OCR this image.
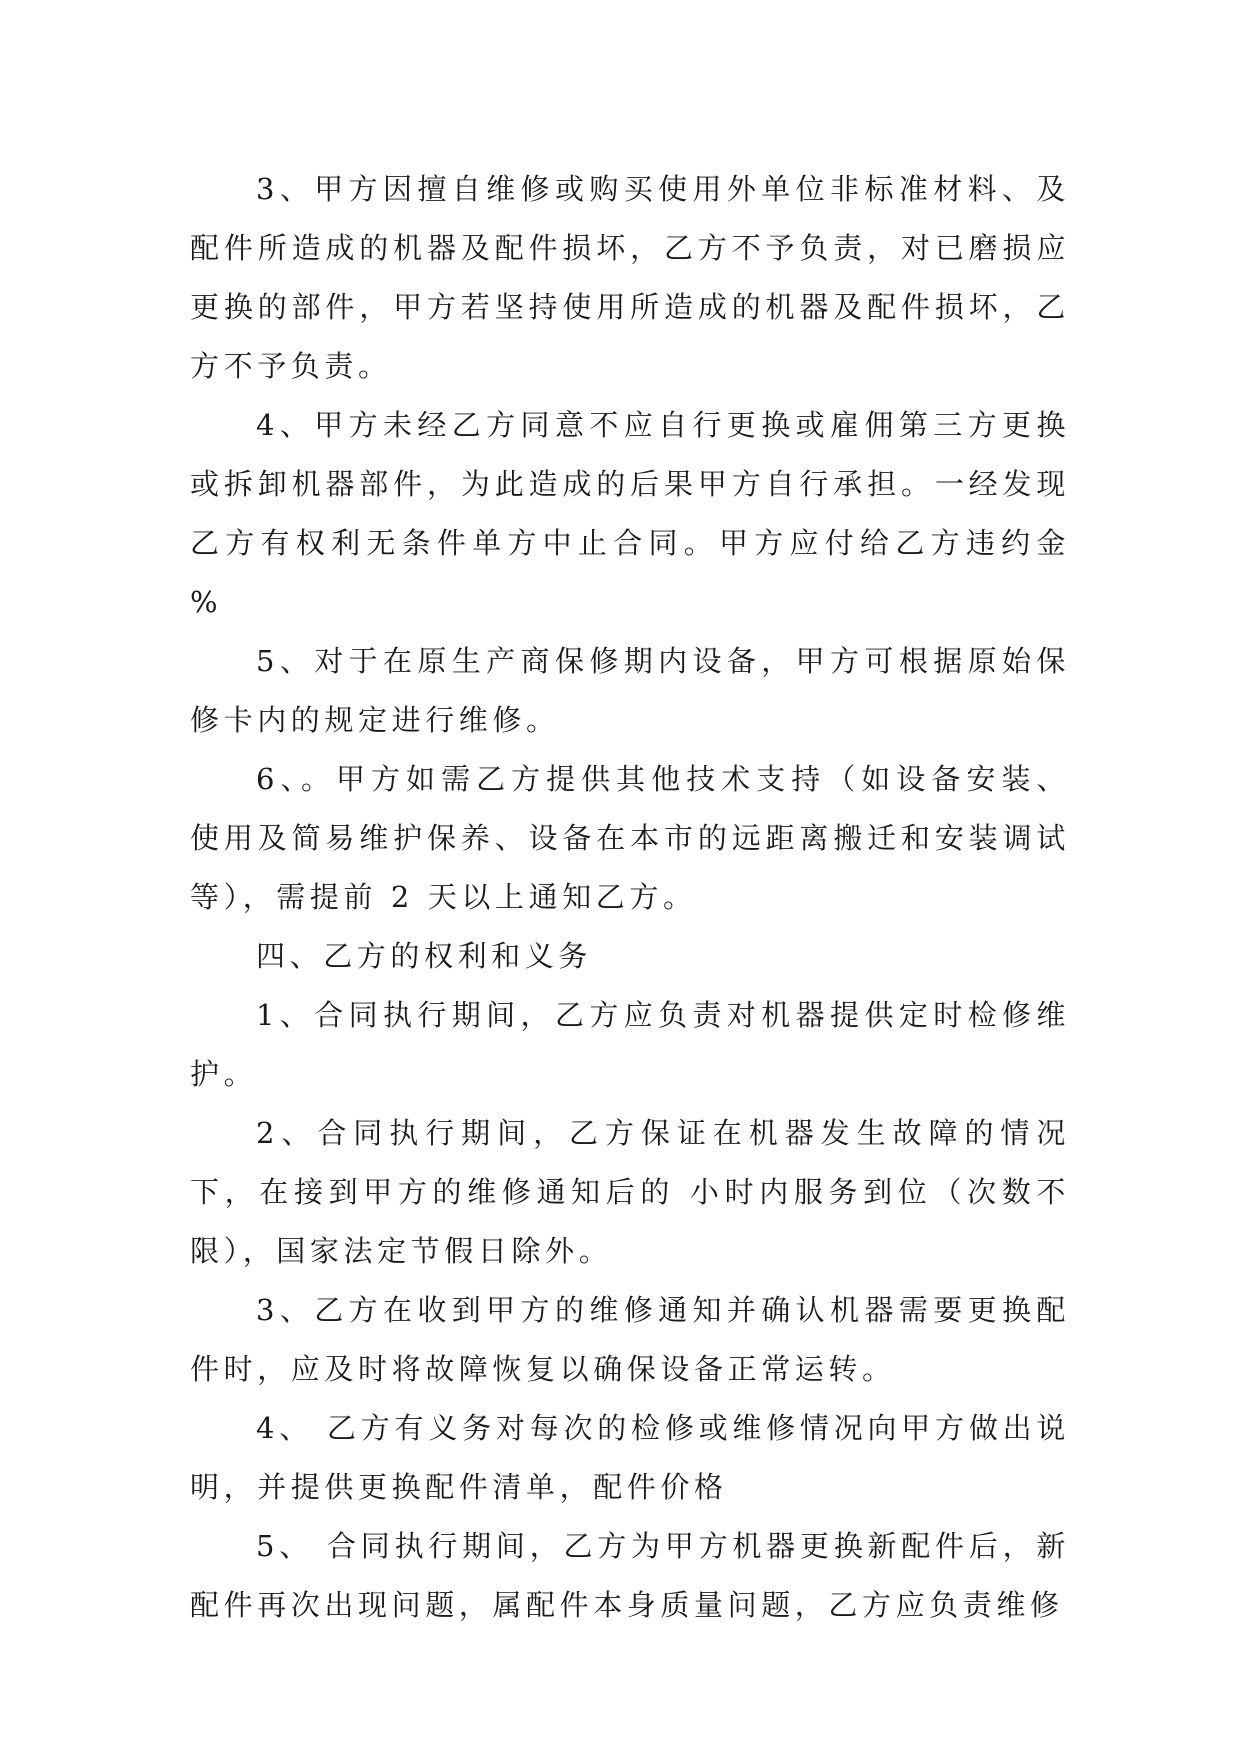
3、甲方因擅自维修或购买使用外单位非标准材料、及配件所造成的机器及配件损坏，乙方不予负责，对已磨损应更换的部件，甲方若坚持使用所造成的机器及配件损坏，乙方不予负责。

4、甲方未经乙方同意不应自行更换或雇佣第三方更换或拆卸机器部件，为此造成的后果甲方自行承担。一经发现乙方有权利无条件单方中止合同。甲方应付给乙方违约金 %

5、对于在原生产商保修期内设备，甲方可根据原始保修卡内的规定进行维修。

6、。甲方如需乙方提供其他技术支持（如设备安装、使用及简易维护保养、设备在本市的远距离搬迁和安装调试等），需提前 2 天以上通知乙方。

四、乙方的权利和义务

1、合同执行期间，乙方应负责对机器提供定时检修维护。

2、合同执行期间，乙方保证在机器发生故障的情况下，在接到甲方的维修通知后的 小时内服务到位（次数不限），国家法定节假日除外。

3、乙方在收到甲方的维修通知并确认机器需要更换配件时，应及时将故障恢复以确保设备正常运转。

4、 乙方有义务对每次的检修或维修情况向甲方做出说明，并提供更换配件清单，配件价格

5、 合同执行期间，乙方为甲方机器更换新配件后，新配件再次出现问题，属配件本身质量问题，乙方应负责维修
